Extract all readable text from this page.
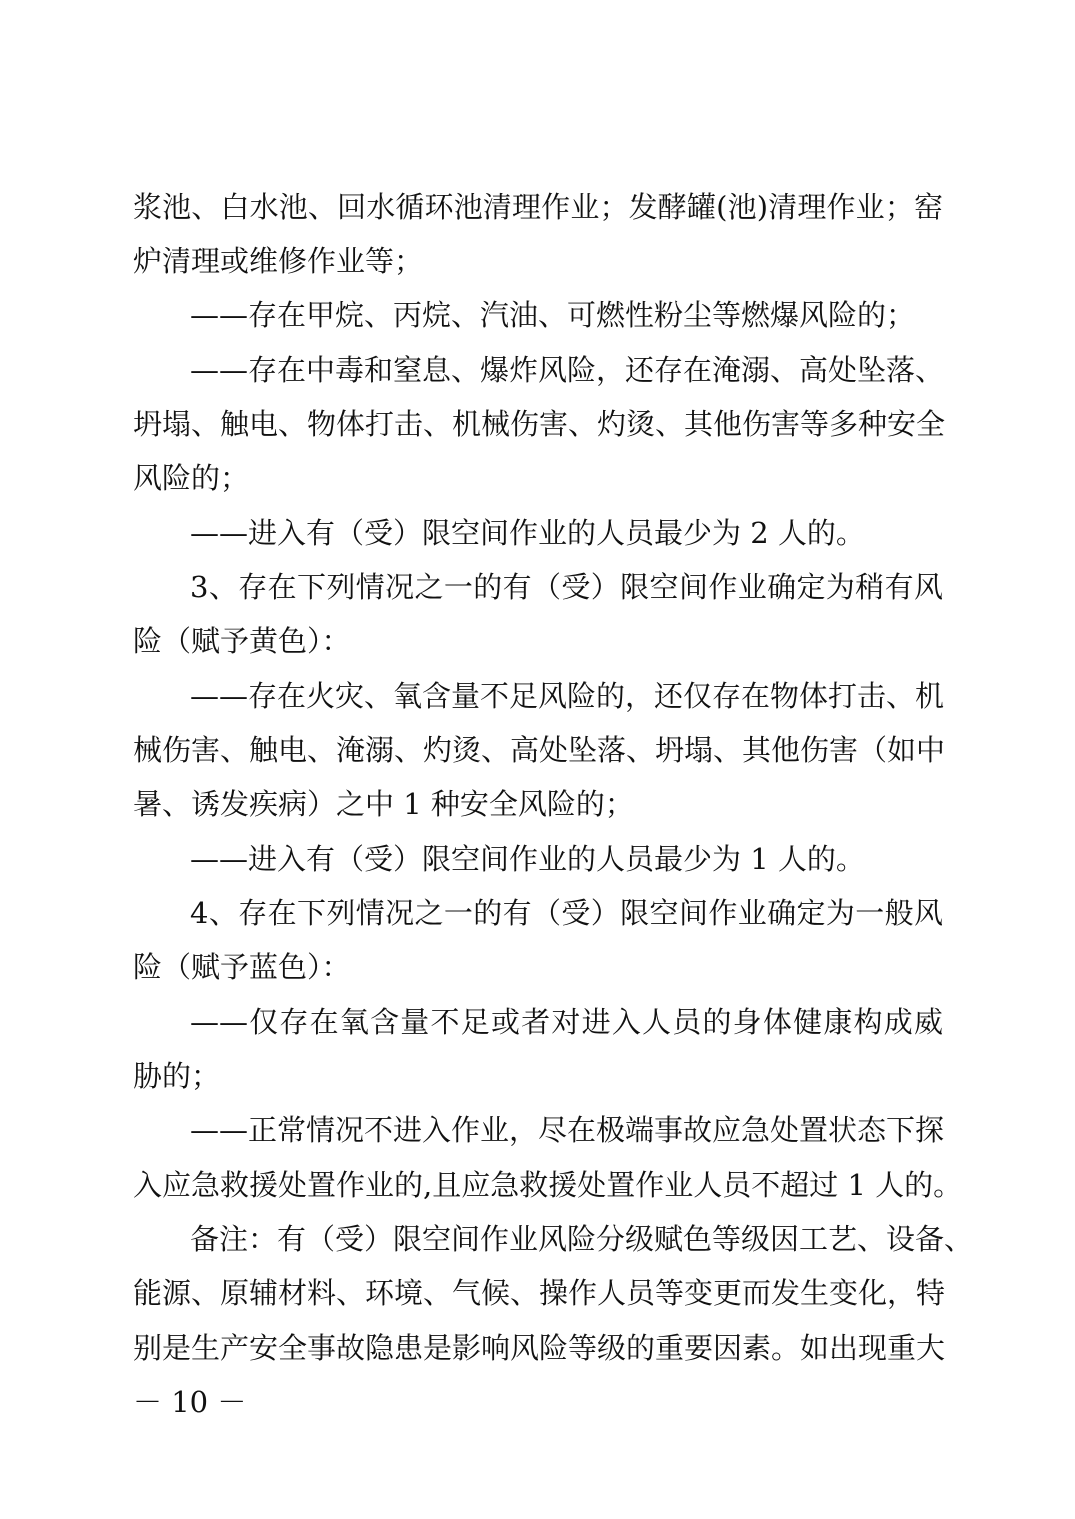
浆池、白水池、回水循环池清理作业；发酵罐(池)清理作业；窑

炉清理或维修作业等；

——存在甲烷、丙烷、汽油、可燃性粉尘等燃爆风险的；

——存在中毒和窒息、爆炸风险，还存在淹溺、高处坠落、

坍塌、触电、物体打击、机械伤害、灼烫、其他伤害等多种安全

风险的；

——进入有（受）限空间作业的人员最少为 2 人的。

3、存在下列情况之一的有（受）限空间作业确定为稍有风

险（赋予黄色）：

——存在火灾、氧含量不足风险的，还仅存在物体打击、机

械伤害、触电、淹溺、灼烫、高处坠落、坍塌、其他伤害（如中

暑、诱发疾病）之中 1 种安全风险的；

——进入有（受）限空间作业的人员最少为 1 人的。

4、存在下列情况之一的有（受）限空间作业确定为一般风

险（赋予蓝色）：

——仅存在氧含量不足或者对进入人员的身体健康构成威

胁的；

——正常情况不进入作业，尽在极端事故应急处置状态下探

入应急救援处置作业的,且应急救援处置作业人员不超过 1 人的。

备注：有（受）限空间作业风险分级赋色等级因工艺、设备、

能源、原辅材料、环境、气候、操作人员等变更而发生变化，特

别是生产安全事故隐患是影响风险等级的重要因素。如出现重大

－ 10 －
